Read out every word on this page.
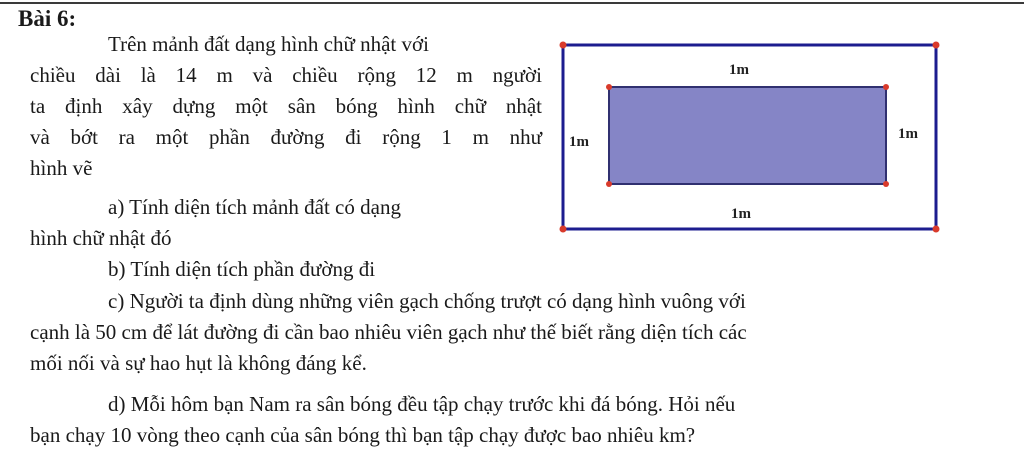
Bài 6:
Trên mảnh đất dạng hình chữ nhật với
chiều dài là 14 m và chiều rộng 12 m người
ta định xây dựng một sân bóng hình chữ nhật
và bớt ra một phần đường đi rộng 1 m như
hình vẽ
a) Tính diện tích mảnh đất có dạng
hình chữ nhật đó
b) Tính diện tích phần đường đi
c) Người ta định dùng những viên gạch chống trượt có dạng hình vuông với
cạnh là 50 cm để lát đường đi cần bao nhiêu viên gạch như thế biết rằng diện tích các
mối nối và sự hao hụt là không đáng kể.
d) Mỗi hôm bạn Nam ra sân bóng đều tập chạy trước khi đá bóng. Hỏi nếu
bạn chạy 10 vòng theo cạnh của sân bóng thì bạn tập chạy được bao nhiêu km?
1m
1m	1m
1m
